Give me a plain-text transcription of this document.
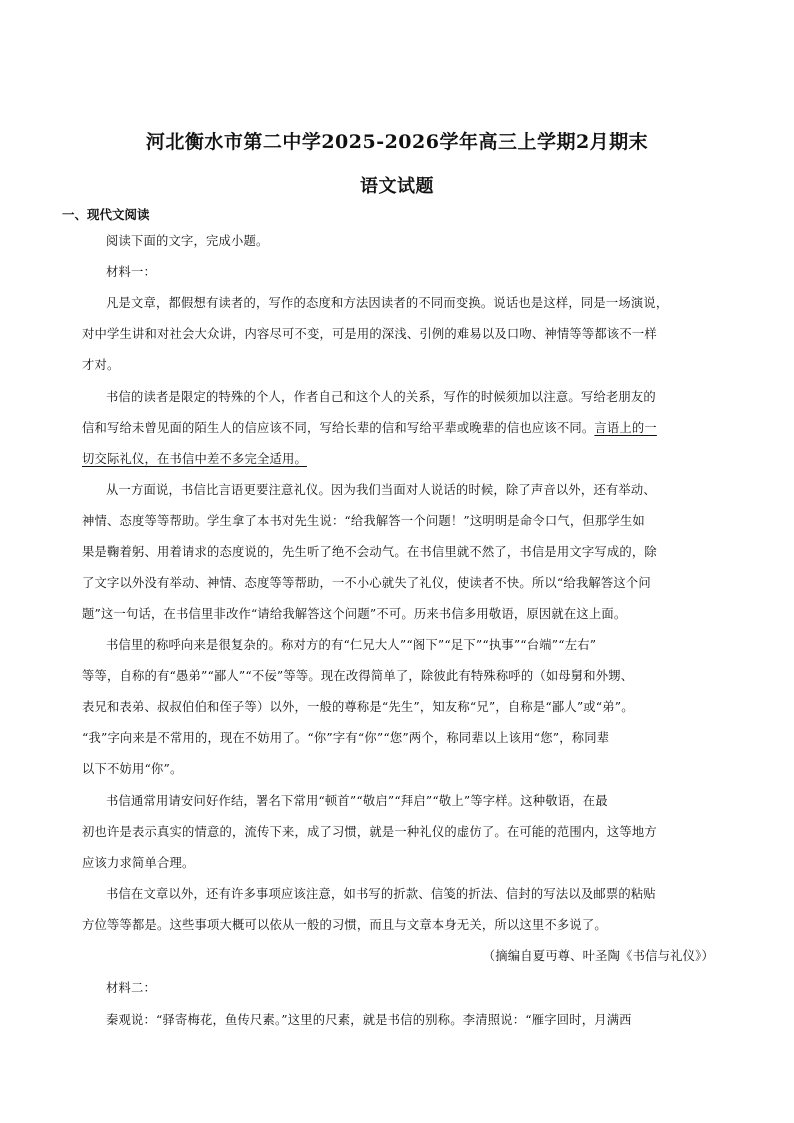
河北衡水市第二中学2025-2026学年高三上学期2月期末
语文试题
一、现代文阅读
阅读下面的文字，完成小题。
材料一：
凡是文章，都假想有读者的，写作的态度和方法因读者的不同而变换。说话也是这样，同是一场演说，
对中学生讲和对社会大众讲，内容尽可不变，可是用的深浅、引例的难易以及口吻、神情等等都该不一样
才对。
书信的读者是限定的特殊的个人，作者自己和这个人的关系，写作的时候须加以注意。写给老朋友的
信和写给未曾见面的陌生人的信应该不同，写给长辈的信和写给平辈或晚辈的信也应该不同。言语上的一
切交际礼仪，在书信中差不多完全适用。
从一方面说，书信比言语更要注意礼仪。因为我们当面对人说话的时候，除了声音以外，还有举动、
神情、态度等等帮助。学生拿了本书对先生说：“给我解答一个问题！”这明明是命令口气，但那学生如
果是鞠着躬、用着请求的态度说的，先生听了绝不会动气。在书信里就不然了，书信是用文字写成的，除
了文字以外没有举动、神情、态度等等帮助，一不小心就失了礼仪，使读者不快。所以“给我解答这个问
题”这一句话，在书信里非改作“请给我解答这个问题”不可。历来书信多用敬语，原因就在这上面。
书信里的称呼向来是很复杂的。称对方的有“仁兄大人”“阁下”“足下”“执事”“台端”“左右”
等等，自称的有“愚弟”“鄙人”“不佞”等等。现在改得简单了，除彼此有特殊称呼的（如母舅和外甥、
表兄和表弟、叔叔伯伯和侄子等）以外，一般的尊称是“先生”，知友称“兄”，自称是“鄙人”或“弟”。
“我”字向来是不常用的，现在不妨用了。“你”字有“你”“您”两个，称同辈以上该用“您”，称同辈
以下不妨用“你”。
书信通常用请安问好作结，署名下常用“顿首”“敬启”“拜启”“敬上”等字样。这种敬语，在最
初也许是表示真实的情意的，流传下来，成了习惯，就是一种礼仪的虚仿了。在可能的范围内，这等地方
应该力求简单合理。
书信在文章以外，还有许多事项应该注意，如书写的折款、信笺的折法、信封的写法以及邮票的粘贴
方位等等都是。这些事项大概可以依从一般的习惯，而且与文章本身无关，所以这里不多说了。
（摘编自夏丏尊、叶圣陶《书信与礼仪》）
材料二：
秦观说：“驿寄梅花，鱼传尺素。”这里的尺素，就是书信的别称。李清照说：“雁字回时，月满西
